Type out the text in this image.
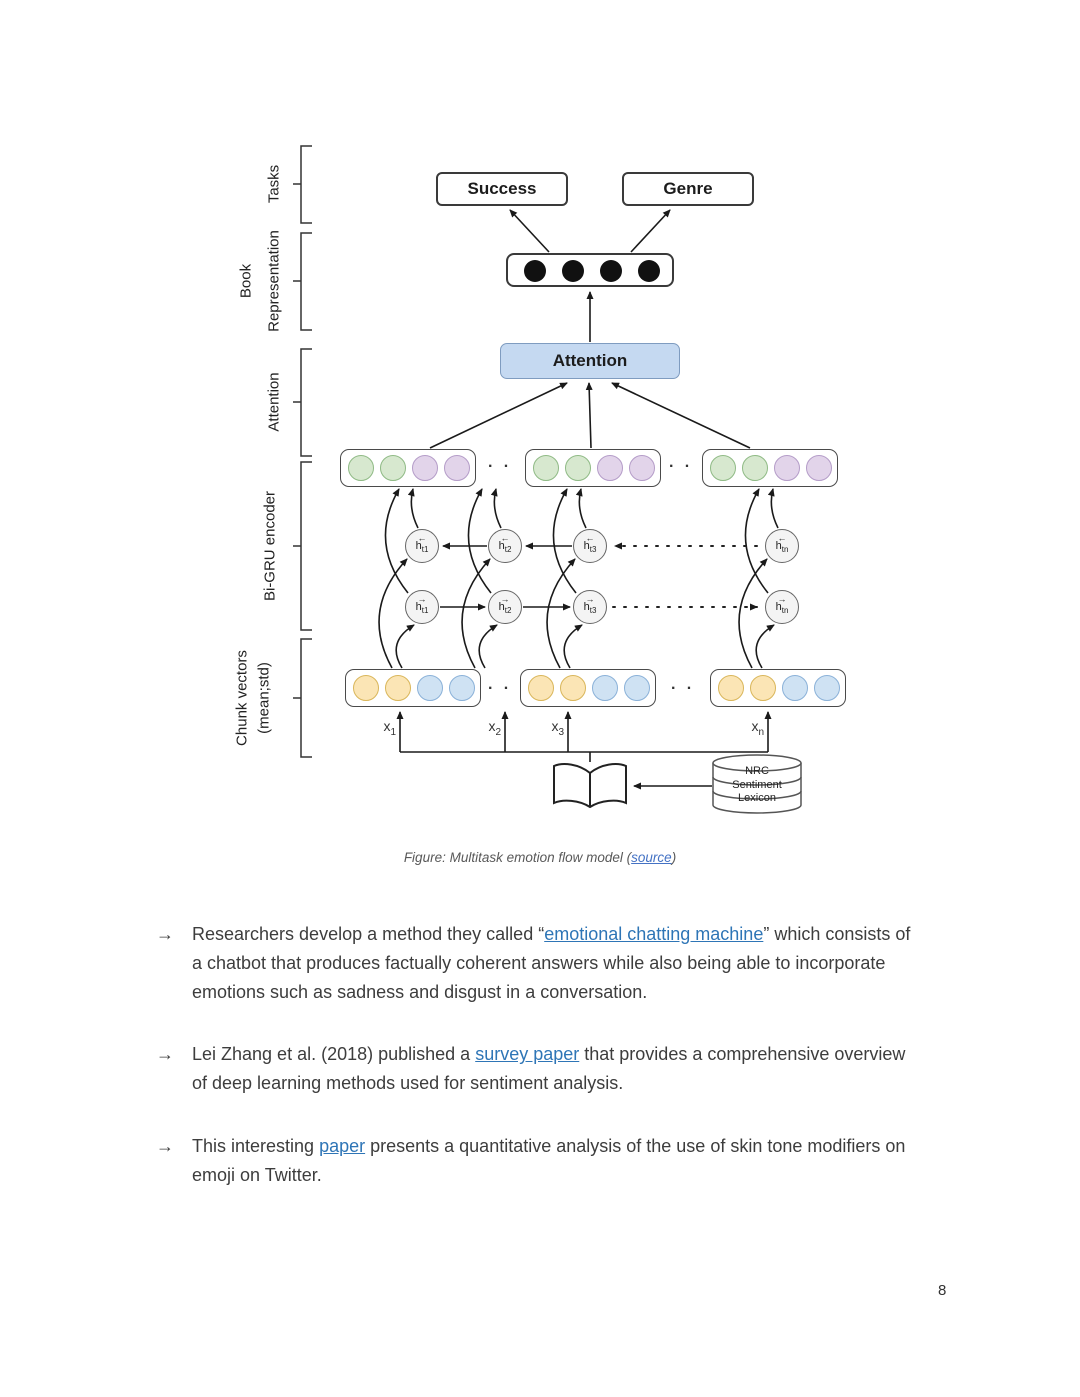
Success	Genre
Attention
· ·	· ·
←
$h_{t1}$
←
$h_{t2}$
←
$h_{t3}$
←
$h_{tn}$
→
$h_{t1}$
→
$h_{t2}$
→
$h_{t3}$
→
$h_{tn}$
· ·	· ·
$x_1$	$x_2$	$x_3$	$x_n$
NRC
Sentiment
Lexicon
Tasks
Book Representation
Attention
Bi-GRU encoder
Chunk vectors (mean;std)
Figure: Multitask emotion flow model (source)
→	Researchers develop a method they called “emotional chatting machine” which consists of a chatbot that produces factually coherent answers while also being able to incorporate emotions such as sadness and disgust in a conversation.
→	Lei Zhang et al. (2018) published a survey paper that provides a comprehensive overview of deep learning methods used for sentiment analysis.
→	This interesting paper presents a quantitative analysis of the use of skin tone modifiers on emoji on Twitter.
8
